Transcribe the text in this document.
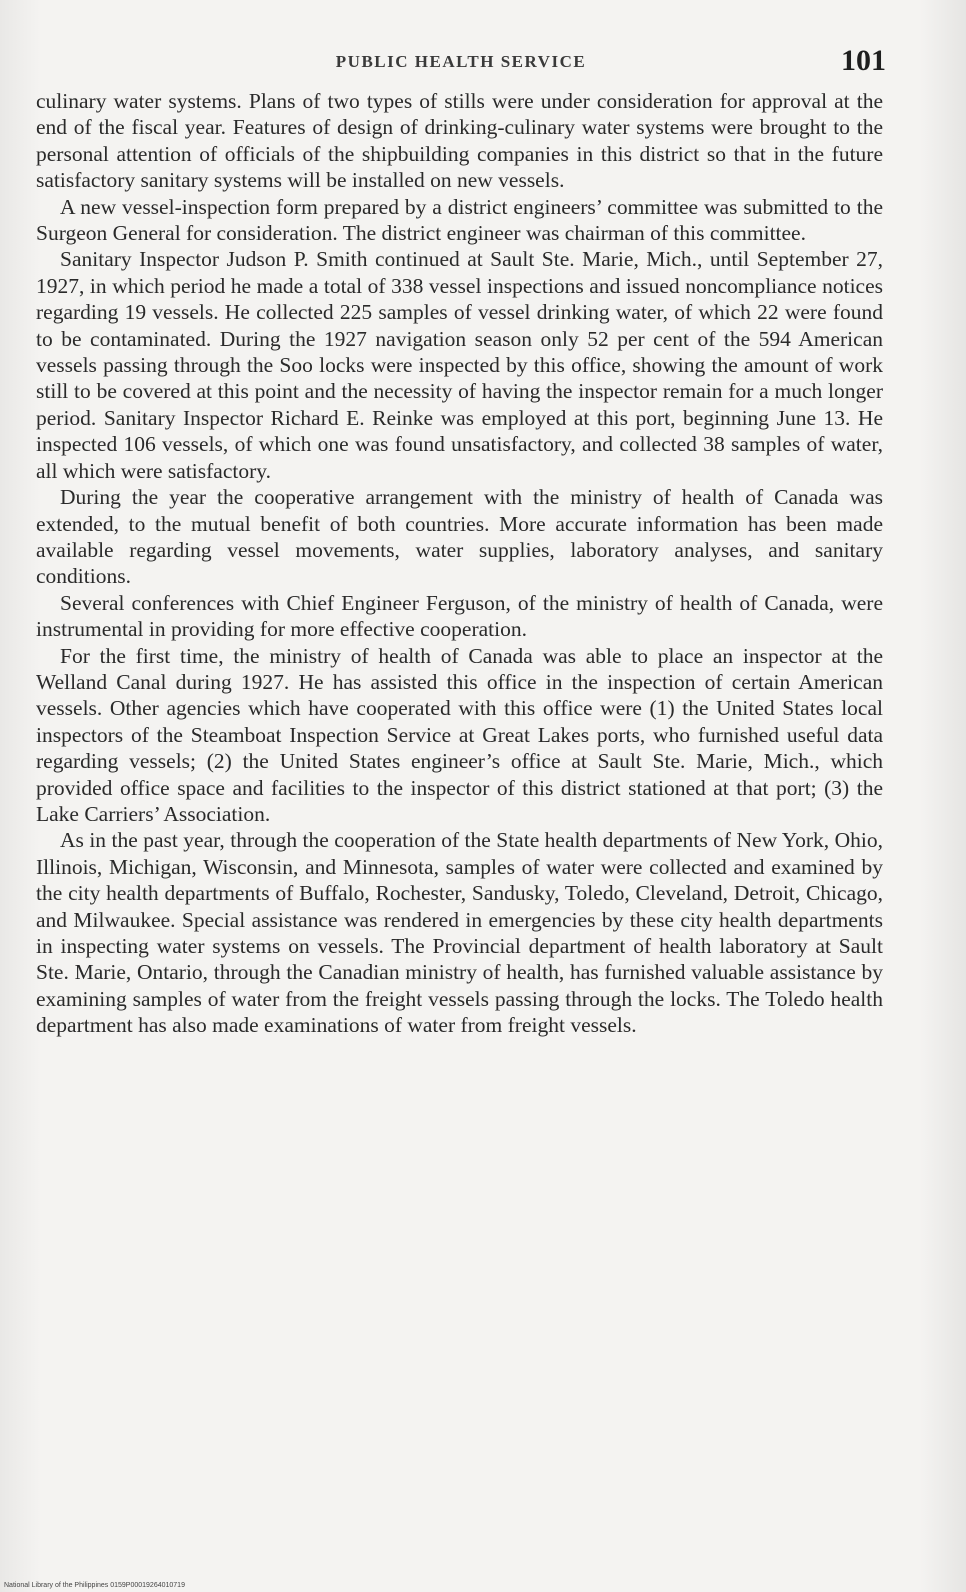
PUBLIC HEALTH SERVICE	101

culinary water systems. Plans of two types of stills were under consideration for approval at the end of the fiscal year. Features of design of drinking-culinary water systems were brought to the personal attention of officials of the shipbuilding companies in this district so that in the future satisfactory sanitary systems will be installed on new vessels.

A new vessel-inspection form prepared by a district engineers’ committee was submitted to the Surgeon General for consideration. The district engineer was chairman of this committee.

Sanitary Inspector Judson P. Smith continued at Sault Ste. Marie, Mich., until September 27, 1927, in which period he made a total of 338 vessel inspections and issued noncompliance notices regarding 19 vessels. He collected 225 samples of vessel drinking water, of which 22 were found to be contaminated. During the 1927 navigation season only 52 per cent of the 594 American vessels passing through the Soo locks were inspected by this office, showing the amount of work still to be covered at this point and the necessity of having the inspector remain for a much longer period. Sanitary Inspector Richard E. Reinke was employed at this port, beginning June 13. He inspected 106 vessels, of which one was found unsatisfactory, and collected 38 samples of water, all which were satisfactory.

During the year the cooperative arrangement with the ministry of health of Canada was extended, to the mutual benefit of both countries. More accurate information has been made available regarding vessel movements, water supplies, laboratory analyses, and sanitary conditions.

Several conferences with Chief Engineer Ferguson, of the ministry of health of Canada, were instrumental in providing for more effective cooperation.

For the first time, the ministry of health of Canada was able to place an inspector at the Welland Canal during 1927. He has assisted this office in the inspection of certain American vessels. Other agencies which have cooperated with this office were (1) the United States local inspectors of the Steamboat Inspection Service at Great Lakes ports, who furnished useful data regarding vessels; (2) the United States engineer’s office at Sault Ste. Marie, Mich., which provided office space and facilities to the inspector of this district stationed at that port; (3) the Lake Carriers’ Association.

As in the past year, through the cooperation of the State health departments of New York, Ohio, Illinois, Michigan, Wisconsin, and Minnesota, samples of water were collected and examined by the city health departments of Buffalo, Rochester, Sandusky, Toledo, Cleveland, Detroit, Chicago, and Milwaukee. Special assistance was rendered in emergencies by these city health departments in inspecting water systems on vessels. The Provincial department of health laboratory at Sault Ste. Marie, Ontario, through the Canadian ministry of health, has furnished valuable assistance by examining samples of water from the freight vessels passing through the locks. The Toledo health department has also made examinations of water from freight vessels.

National Library of the Philippines 0159P00019264010719
